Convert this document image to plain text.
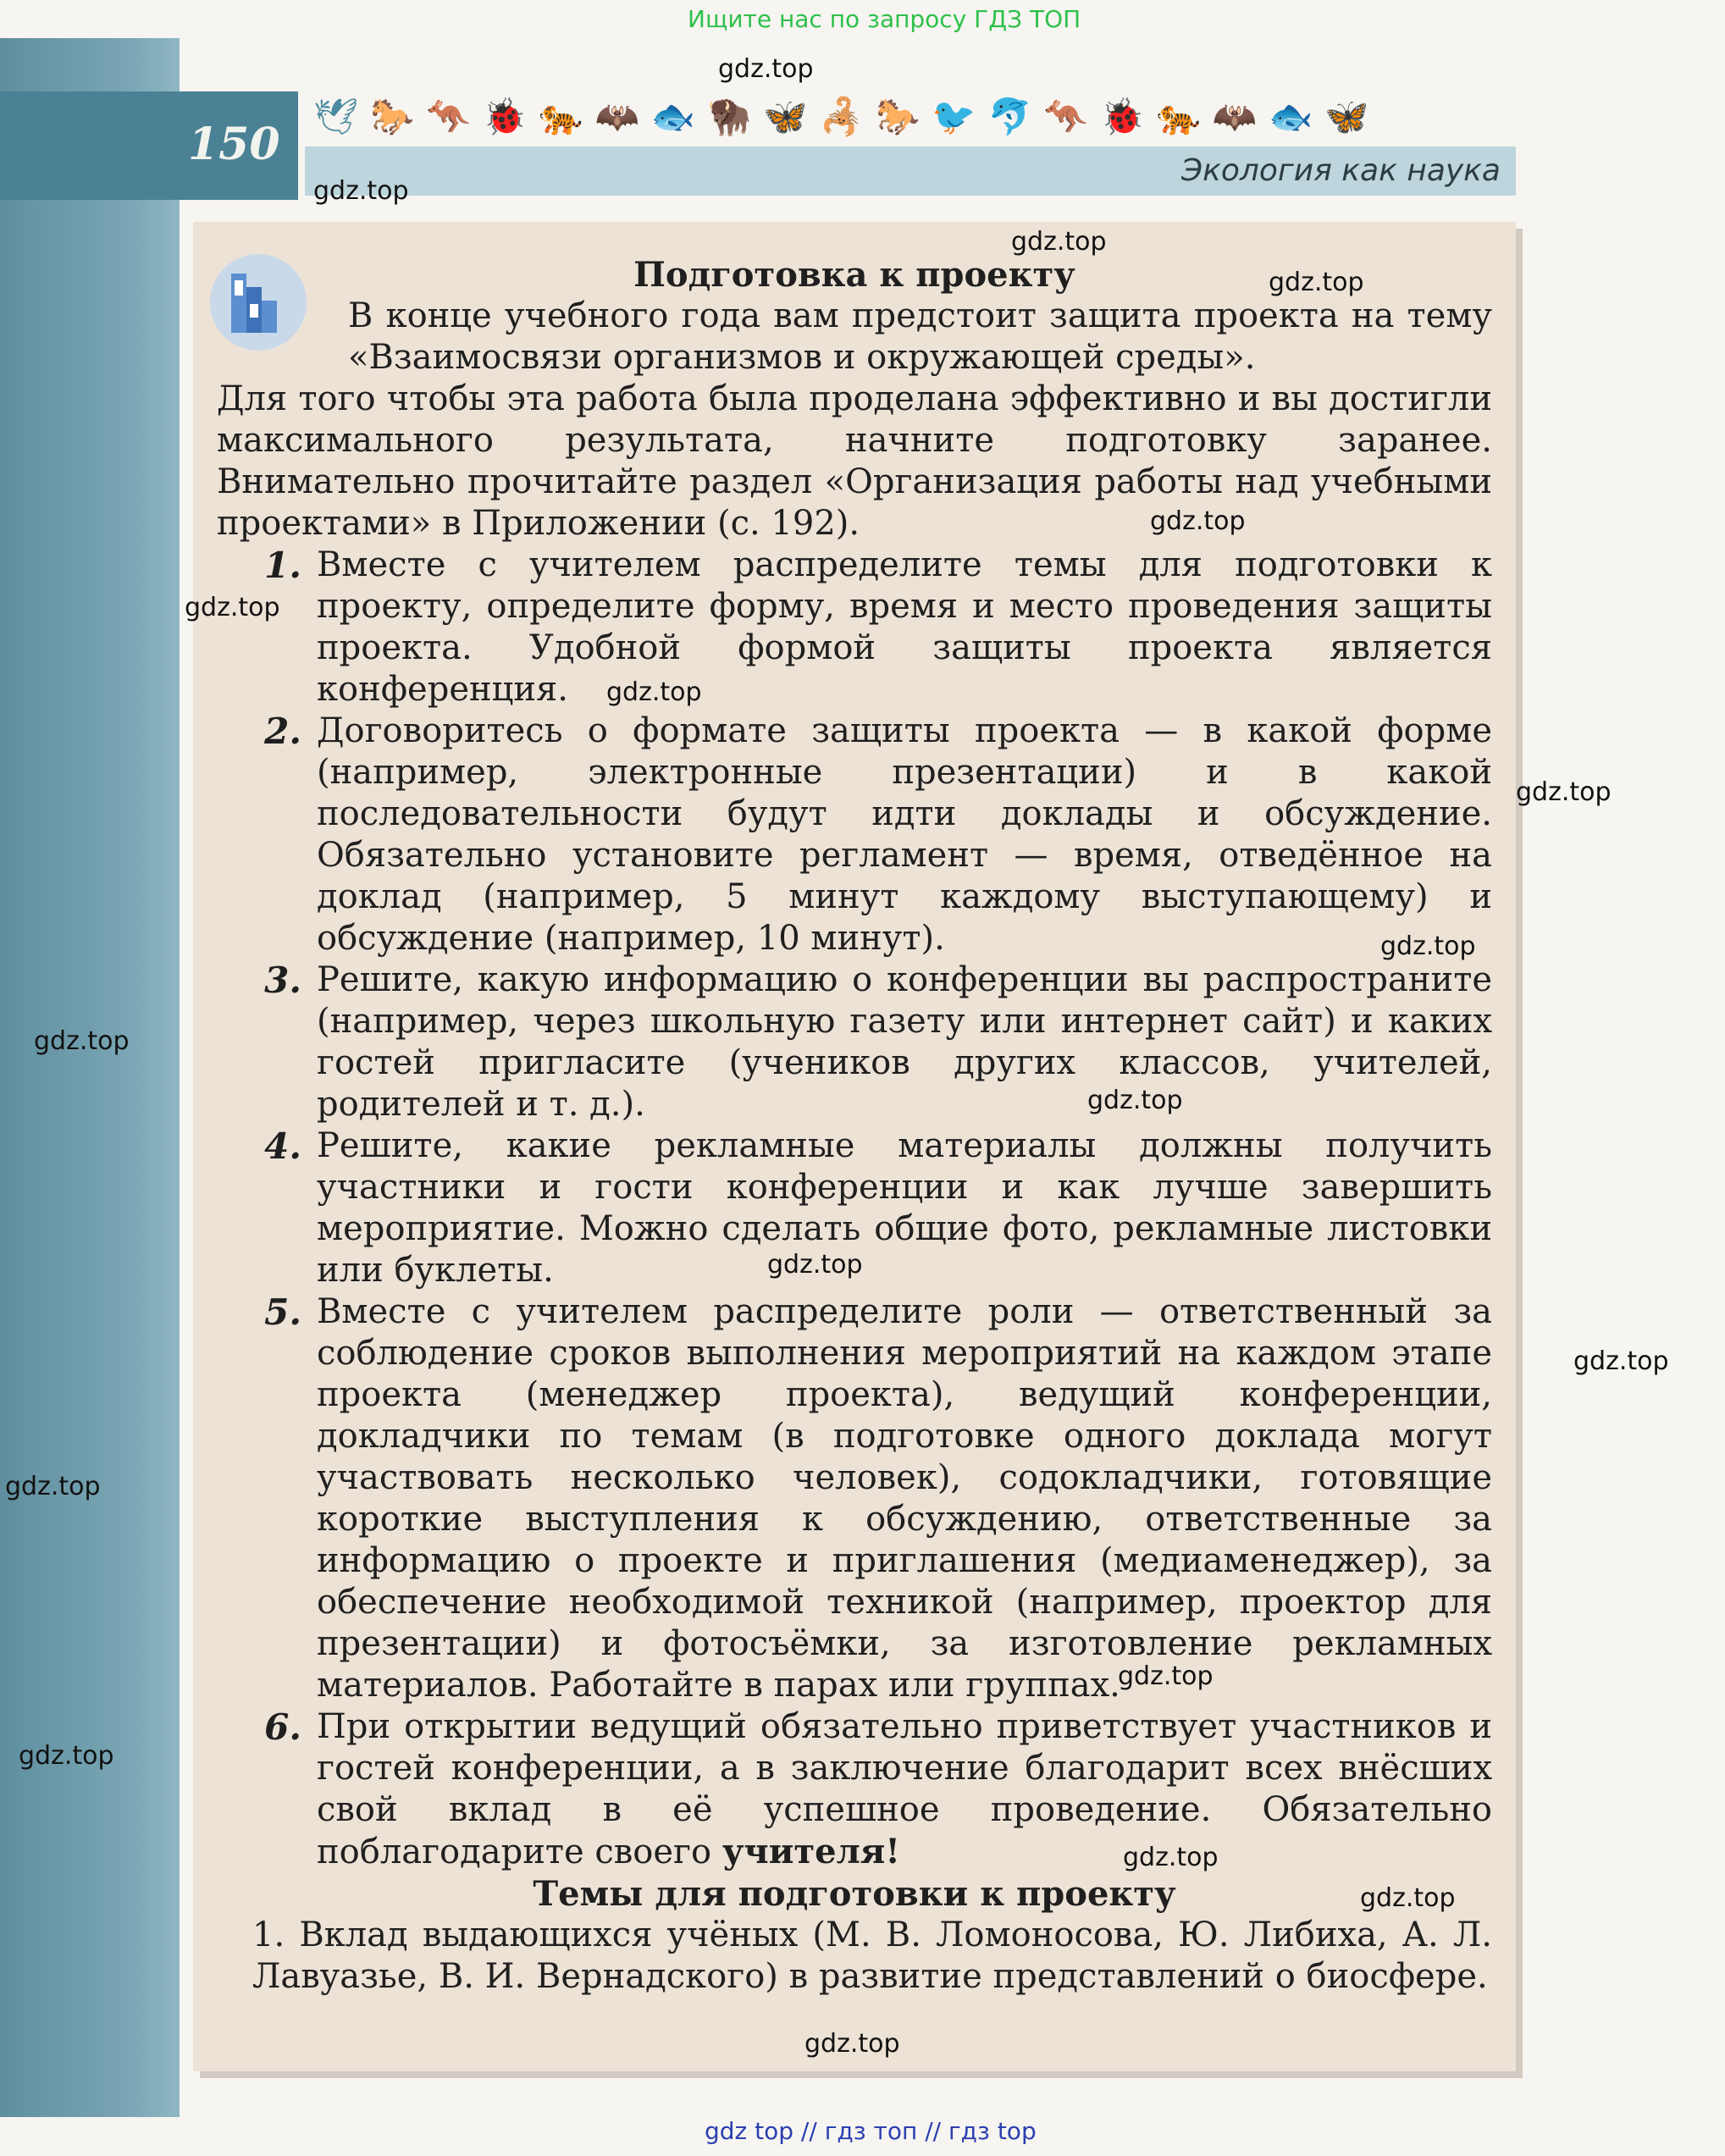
Ищите нас по запросу ГДЗ ТОП
150
🕊 🐎 🦘 🐞 🐅 🦇 🐟 🦬 🦋 🦂 🐎 🐦 🐬 🦘 🐞 🐅 🦇 🐟 🦋
Экология как наука
Подготовка к проекту
В конце учебного года вам предстоит защита проекта на тему «Взаимосвязи организмов и окружающей среды».
Для того чтобы эта работа была проделана эффективно и вы достигли максимального результата, начните подготовку заранее. Внимательно прочитайте раздел «Организация работы над учебными проектами» в Приложении (с. 192).
1. Вместе с учителем распределите темы для подготовки к проекту, определите форму, время и место проведения защиты проекта. Удобной формой защиты проекта является конференция.
2. Договоритесь о формате защиты проекта — в какой форме (например, электронные презентации) и в какой последовательности будут идти доклады и обсуждение. Обязательно установите регламент — время, отведённое на доклад (например, 5 минут каждому выступающему) и обсуждение (например, 10 минут).
3. Решите, какую информацию о конференции вы распространите (например, через школьную газету или интернет сайт) и каких гостей пригласите (учеников других классов, учителей, родителей и т. д.).
4. Решите, какие рекламные материалы должны получить участники и гости конференции и как лучше завершить мероприятие. Можно сделать общие фото, рекламные листовки или буклеты.
5. Вместе с учителем распределите роли — ответственный за соблюдение сроков выполнения мероприятий на каждом этапе проекта (менеджер проекта), ведущий конференции, докладчики по темам (в подготовке одного доклада могут участвовать несколько человек), содокладчики, готовящие короткие выступления к обсуждению, ответственные за информацию о проекте и приглашения (медиаменеджер), за обеспечение необходимой техникой (например, проектор для презентации) и фотосъёмки, за изготовление рекламных материалов. Работайте в парах или группах.
6. При открытии ведущий обязательно приветствует участников и гостей конференции, а в заключение благодарит всех внёсших свой вклад в её успешное проведение. Обязательно поблагодарите своего учителя!
Темы для подготовки к проекту
1. Вклад выдающихся учёных (М. В. Ломоносова, Ю. Либиха, А. Л. Лавуазье, В. И. Вернадского) в развитие представлений о биосфере.
gdz.top
gdz.top
gdz.top
gdz.top
gdz.top
gdz.top
gdz.top
gdz.top
gdz.top
gdz.top
gdz.top
gdz.top
gdz.top
gdz.top
gdz.top
gdz.top
gdz.top
gdz.top
gdz.top
gdz top // гдз топ // гдз top
